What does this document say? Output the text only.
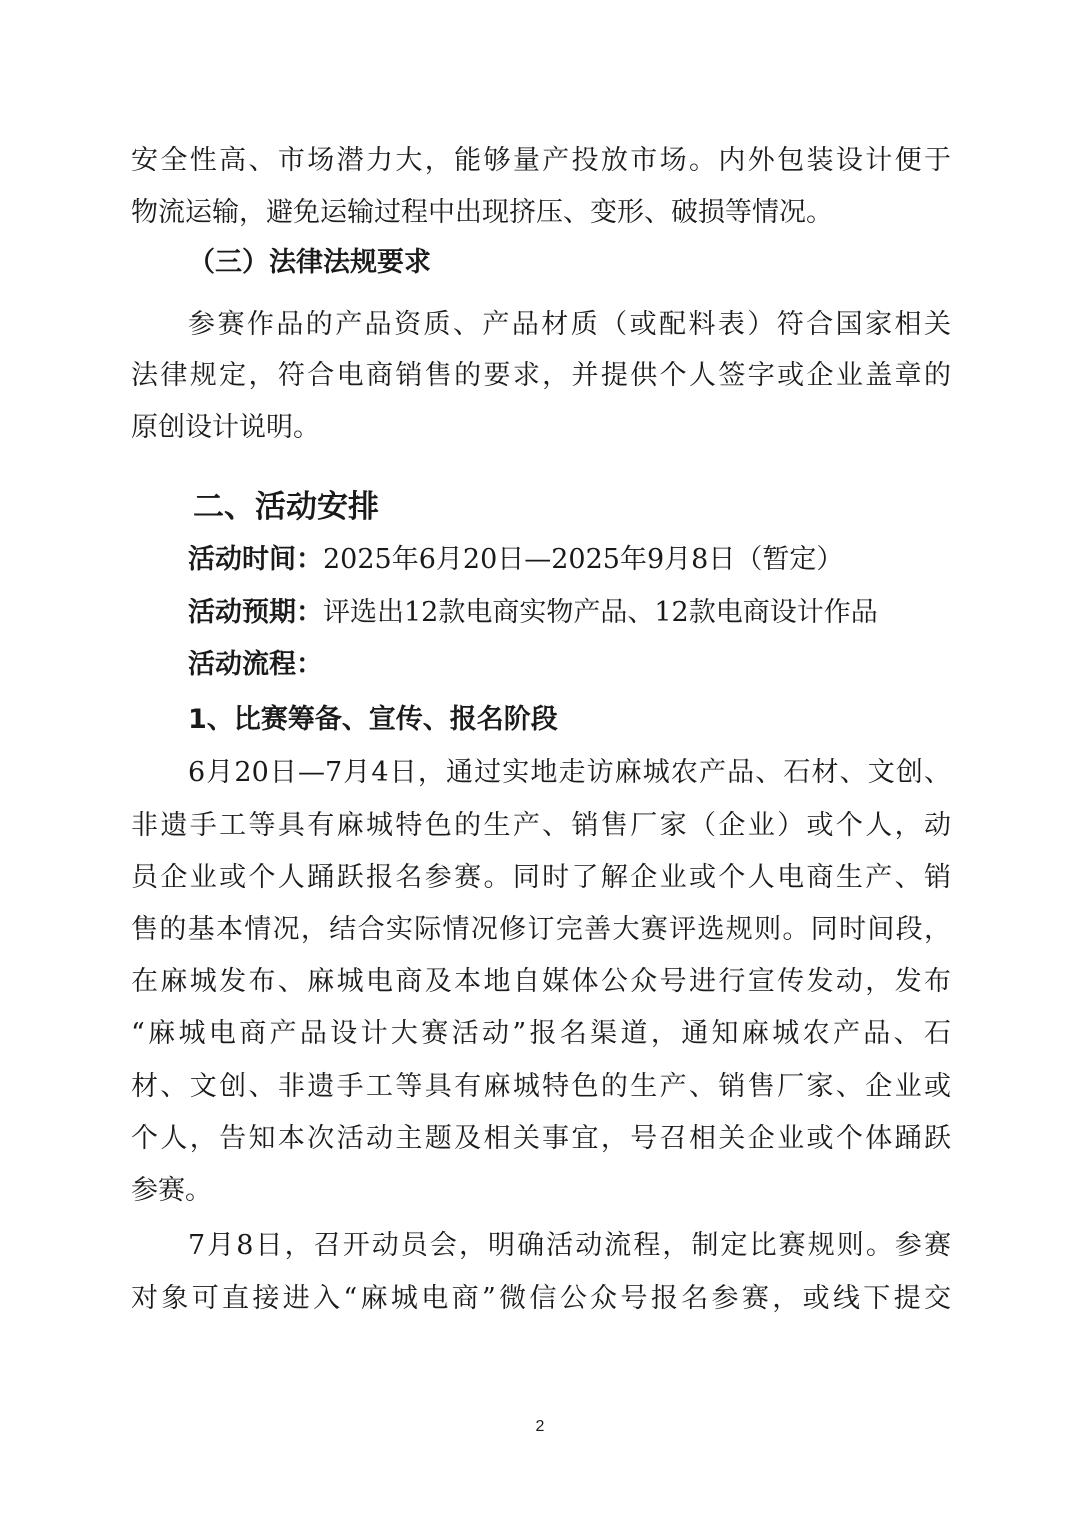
安全性高、市场潜力大，能够量产投放市场。内外包装设计便于
物流运输，避免运输过程中出现挤压、变形、破损等情况。
（三）法律法规要求
参赛作品的产品资质、产品材质（或配料表）符合国家相关
法律规定，符合电商销售的要求，并提供个人签字或企业盖章的
原创设计说明。
二、活动安排
活动时间：2025年6月20日—2025年9月8日（暂定）
活动预期：评选出12款电商实物产品、12款电商设计作品
活动流程：
1、比赛筹备、宣传、报名阶段
6月20日—7月4日，通过实地走访麻城农产品、石材、文创、
非遗手工等具有麻城特色的生产、销售厂家（企业）或个人，动
员企业或个人踊跃报名参赛。同时了解企业或个人电商生产、销
售的基本情况，结合实际情况修订完善大赛评选规则。同时间段，
在麻城发布、麻城电商及本地自媒体公众号进行宣传发动，发布
“麻城电商产品设计大赛活动”报名渠道，通知麻城农产品、石
材、文创、非遗手工等具有麻城特色的生产、销售厂家、企业或
个人，告知本次活动主题及相关事宜，号召相关企业或个体踊跃
参赛。
7月8日，召开动员会，明确活动流程，制定比赛规则。参赛
对象可直接进入“麻城电商”微信公众号报名参赛，或线下提交
2
